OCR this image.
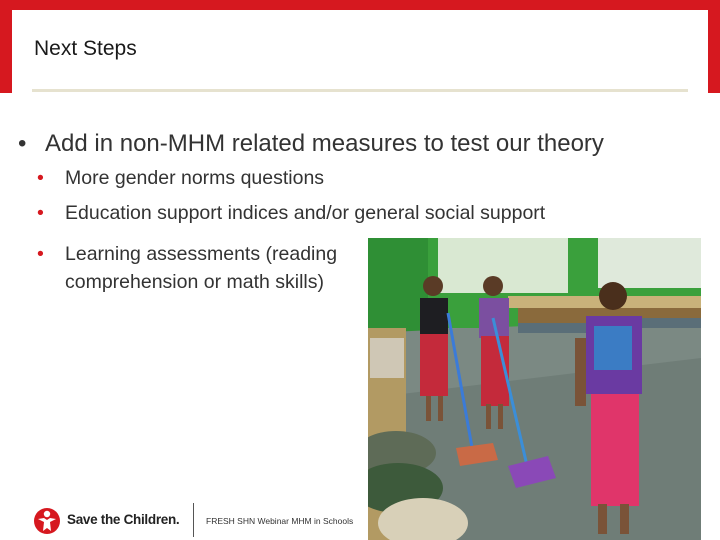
Next Steps
• Add in non-MHM related measures to test our theory
• More gender norms questions
• Education support indices and/or general social support
•	Learning assessments (reading comprehension or math skills)
Save the Children.	FRESH SHN Webinar MHM in Schools
